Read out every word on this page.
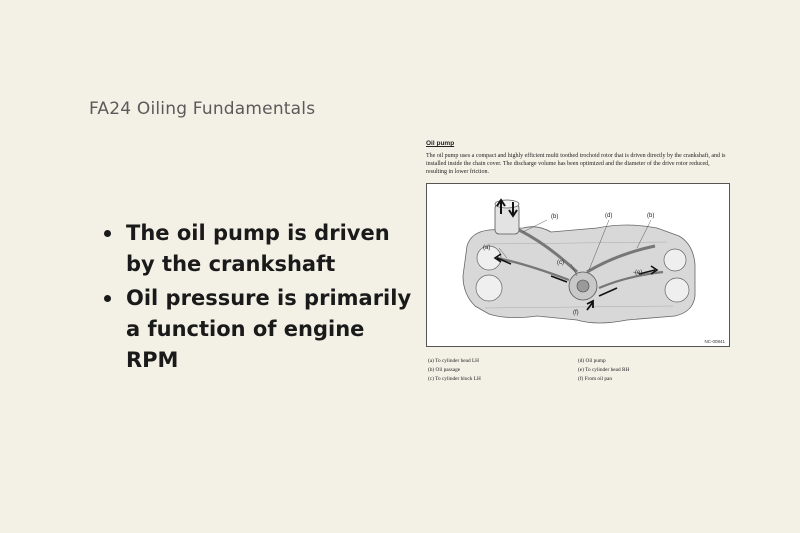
FA24 Oiling Fundamentals
The oil pump is driven by the crankshaft
Oil pressure is primarily a function of engine RPM

Oil pump

The oil pump uses a compact and highly efficient multi toothed trochoid rotor that is driven directly by the crankshaft, and is installed inside the chain cover. The discharge volume has been optimized and the diameter of the drive rotor reduced, resulting in lower friction.

(b)	(d)	(b)
(a)
(c)
(e)
(f)
NC-00841
(a) To cylinder head LH	(d) Oil pump
(b) Oil passage	(e) To cylinder head RH
(c) To cylinder block LH	(f) From oil pan
